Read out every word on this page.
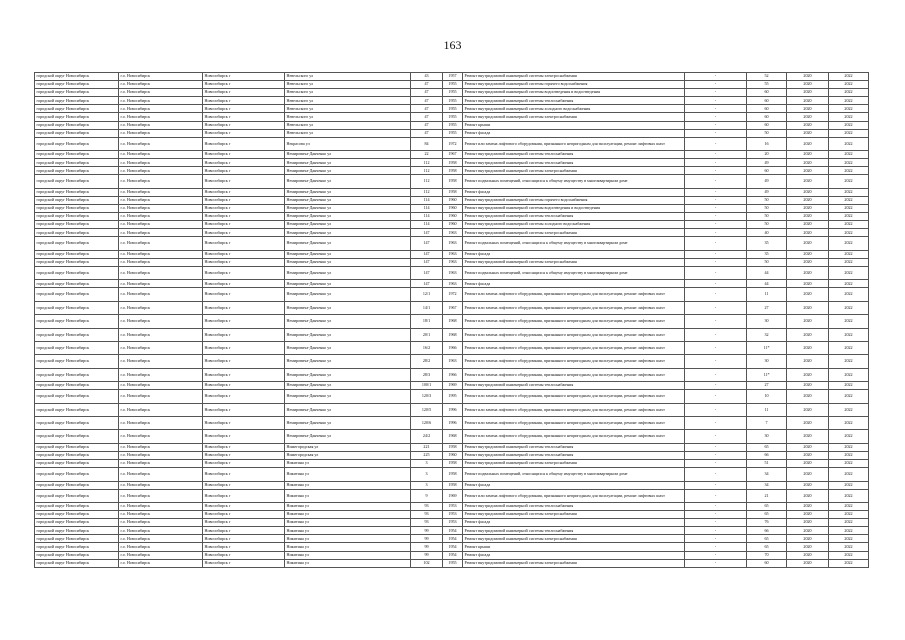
163
городской округ Новосибирск	г.о. Новосибирск	Новосибирск г	Невельского ул	43	1957	Ремонт внутридомовой инженерной системы электроснабжения	-	52	2020	2022
городской округ Новосибирск	г.о. Новосибирск	Новосибирск г	Невельского ул	47	1955	Ремонт внутридомовой инженерной системы горячего водоснабжения	-	55	2020	2022
городской округ Новосибирск	г.о. Новосибирск	Новосибирск г	Невельского ул	47	1955	Ремонт внутридомовой инженерной системы водоотведения и водоотведения	-	60	2020	2022
городской округ Новосибирск	г.о. Новосибирск	Новосибирск г	Невельского ул	47	1955	Ремонт внутридомовой инженерной системы теплоснабжения	-	60	2020	2022
городской округ Новосибирск	г.о. Новосибирск	Новосибирск г	Невельского ул	47	1955	Ремонт внутридомовой инженерной системы холодного водоснабжения	-	60	2020	2022
городской округ Новосибирск	г.о. Новосибирск	Новосибирск г	Невельского ул	47	1955	Ремонт внутридомовой инженерной системы электроснабжения	-	60	2020	2022
городской округ Новосибирск	г.о. Новосибирск	Новосибирск г	Невельского ул	47	1955	Ремонт крыши	-	60	2020	2022
городской округ Новосибирск	г.о. Новосибирск	Новосибирск г	Невельского ул	47	1955	Ремонт фасада	-	50	2020	2022
городской округ Новосибирск	г.о. Новосибирск	Новосибирск г	Некрасова ул	84	1972	Ремонт или замена лифтового оборудования, признанного непригодным для эксплуатации, ремонт лифтовых шахт	-	16	2020	2022
городской округ Новосибирск	г.о. Новосибирск	Новосибирск г	Немировича-Данченко ул	22	1967	Ремонт внутридомовой инженерной системы теплоснабжения	-	20	2020	2022
городской округ Новосибирск	г.о. Новосибирск	Новосибирск г	Немировича-Данченко ул	112	1958	Ремонт внутридомовой инженерной системы теплоснабжения	-	49	2020	2022
городской округ Новосибирск	г.о. Новосибирск	Новосибирск г	Немировича-Данченко ул	112	1958	Ремонт внутридомовой инженерной системы электроснабжения	-	60	2020	2022
городской округ Новосибирск	г.о. Новосибирск	Новосибирск г	Немировича-Данченко ул	112	1958	Ремонт подвальных помещений, относящихся к общему имуществу в многоквартирном доме	-	49	2020	2022
городской округ Новосибирск	г.о. Новосибирск	Новосибирск г	Немировича-Данченко ул	112	1958	Ремонт фасада	-	49	2020	2022
городской округ Новосибирск	г.о. Новосибирск	Новосибирск г	Немировича-Данченко ул	114	1960	Ремонт внутридомовой инженерной системы горячего водоснабжения	-	50	2020	2022
городской округ Новосибирск	г.о. Новосибирск	Новосибирск г	Немировича-Данченко ул	114	1960	Ремонт внутридомовой инженерной системы водоотведения и водоотведения	-	50	2020	2022
городской округ Новосибирск	г.о. Новосибирск	Новосибирск г	Немировича-Данченко ул	114	1960	Ремонт внутридомовой инженерной системы теплоснабжения	-	50	2020	2022
городской округ Новосибирск	г.о. Новосибирск	Новосибирск г	Немировича-Данченко ул	114	1960	Ремонт внутридомовой инженерной системы холодного водоснабжения	-	50	2020	2022
городской округ Новосибирск	г.о. Новосибирск	Новосибирск г	Немировича-Данченко ул	147	1963	Ремонт внутридомовой инженерной системы электроснабжения	-	40	2020	2022
городской округ Новосибирск	г.о. Новосибирск	Новосибирск г	Немировича-Данченко ул	147	1963	Ремонт подвальных помещений, относящихся к общему имуществу в многоквартирном доме	-	35	2020	2022
городской округ Новосибирск	г.о. Новосибирск	Новосибирск г	Немировича-Данченко ул	147	1963	Ремонт фасада	-	35	2020	2022
городской округ Новосибирск	г.о. Новосибирск	Новосибирск г	Немировича-Данченко ул	147	1963	Ремонт внутридомовой инженерной системы электроснабжения	-	50	2020	2022
городской округ Новосибирск	г.о. Новосибирск	Новосибирск г	Немировича-Данченко ул	147	1963	Ремонт подвальных помещений, относящихся к общему имуществу в многоквартирном доме	-	44	2020	2022
городской округ Новосибирск	г.о. Новосибирск	Новосибирск г	Немировича-Данченко ул	147	1963	Ремонт фасада	-	44	2020	2022
городской округ Новосибирск	г.о. Новосибирск	Новосибирск г	Немировича-Данченко ул	12/1	1972	Ремонт или замена лифтового оборудования, признанного непригодным для эксплуатации, ремонт лифтовых шахт	-	11	2020	2022
городской округ Новосибирск	г.о. Новосибирск	Новосибирск г	Немировича-Данченко ул	14/1	1967	Ремонт или замена лифтового оборудования, признанного непригодным для эксплуатации, ремонт лифтовых шахт	-	27	2020	2022
городской округ Новосибирск	г.о. Новосибирск	Новосибирск г	Немировича-Данченко ул	18/1	1968	Ремонт или замена лифтового оборудования, признанного непригодным для эксплуатации, ремонт лифтовых шахт	-	30	2020	2022
городской округ Новосибирск	г.о. Новосибирск	Новосибирск г	Немировича-Данченко ул	20/1	1968	Ремонт или замена лифтового оборудования, признанного непригодным для эксплуатации, ремонт лифтовых шахт	-	32	2020	2022
городской округ Новосибирск	г.о. Новосибирск	Новосибирск г	Немировича-Данченко ул	16/2	1966	Ремонт или замена лифтового оборудования, признанного непригодным для эксплуатации, ремонт лифтовых шахт	-	11*	2020	2022
городской округ Новосибирск	г.о. Новосибирск	Новосибирск г	Немировича-Данченко ул	28/2	1963	Ремонт или замена лифтового оборудования, признанного непригодным для эксплуатации, ремонт лифтовых шахт	-	30	2020	2022
городской округ Новосибирск	г.о. Новосибирск	Новосибирск г	Немировича-Данченко ул	28/3	1966	Ремонт или замена лифтового оборудования, признанного непригодным для эксплуатации, ремонт лифтовых шахт	-	11*	2020	2022
городской округ Новосибирск	г.о. Новосибирск	Новосибирск г	Немировича-Данченко ул	100/1	1969	Ремонт внутридомовой инженерной системы теплоснабжения	-	27	2020	2022
городской округ Новосибирск	г.о. Новосибирск	Новосибирск г	Немировича-Данченко ул	120/3	1995	Ремонт или замена лифтового оборудования, признанного непригодным для эксплуатации, ремонт лифтовых шахт	-	10	2020	2022
городской округ Новосибирск	г.о. Новосибирск	Новосибирск г	Немировича-Данченко ул	120/5	1996	Ремонт или замена лифтового оборудования, признанного непригодным для эксплуатации, ремонт лифтовых шахт	-	11	2020	2022
городской округ Новосибирск	г.о. Новосибирск	Новосибирск г	Немировича-Данченко ул	120/6	1996	Ремонт или замена лифтового оборудования, признанного непригодным для эксплуатации, ремонт лифтовых шахт	-	7	2020	2022
городской округ Новосибирск	г.о. Новосибирск	Новосибирск г	Немировича-Данченко ул	24/2	1968	Ремонт или замена лифтового оборудования, признанного непригодным для эксплуатации, ремонт лифтовых шахт	-	30	2020	2022
городской округ Новосибирск	г.о. Новосибирск	Новосибирск г	Нижегородская ул	221	1958	Ремонт внутридомовой инженерной системы теплоснабжения	-	65	2020	2022
городской округ Новосибирск	г.о. Новосибирск	Новосибирск г	Нижегородская ул	225	1960	Ремонт внутридомовой инженерной системы теплоснабжения	-	66	2020	2022
городской округ Новосибирск	г.о. Новосибирск	Новосибирск г	Никитина ул	3	1958	Ремонт внутридомовой инженерной системы электроснабжения	-	51	2020	2022
городской округ Новосибирск	г.о. Новосибирск	Новосибирск г	Никитина ул	3	1958	Ремонт подвальных помещений, относящихся к общему имуществу в многоквартирном доме	-	34	2020	2022
городской округ Новосибирск	г.о. Новосибирск	Новосибирск г	Никитина ул	3	1958	Ремонт фасада	-	34	2020	2022
городской округ Новосибирск	г.о. Новосибирск	Новосибирск г	Никитина ул	9	1969	Ремонт или замена лифтового оборудования, признанного непригодным для эксплуатации, ремонт лифтовых шахт	-	21	2020	2022
городской округ Новосибирск	г.о. Новосибирск	Новосибирск г	Никитина ул	93	1953	Ремонт внутридомовой инженерной системы теплоснабжения	-	65	2020	2022
городской округ Новосибирск	г.о. Новосибирск	Новосибирск г	Никитина ул	93	1953	Ремонт внутридомовой инженерной системы электроснабжения	-	65	2020	2022
городской округ Новосибирск	г.о. Новосибирск	Новосибирск г	Никитина ул	93	1953	Ремонт фасада	-	76	2020	2022
городской округ Новосибирск	г.о. Новосибирск	Новосибирск г	Никитина ул	99	1954	Ремонт внутридомовой инженерной системы теплоснабжения	-	66	2020	2022
городской округ Новосибирск	г.о. Новосибирск	Новосибирск г	Никитина ул	99	1954	Ремонт внутридомовой инженерной системы электроснабжения	-	65	2020	2022
городской округ Новосибирск	г.о. Новосибирск	Новосибирск г	Никитина ул	99	1954	Ремонт крыши	-	65	2020	2022
городской округ Новосибирск	г.о. Новосибирск	Новосибирск г	Никитина ул	99	1954	Ремонт фасада	-	70	2020	2022
городской округ Новосибирск	г.о. Новосибирск	Новосибирск г	Никитина ул	102	1955	Ремонт внутридомовой инженерной системы электроснабжения	-	60	2020	2022
